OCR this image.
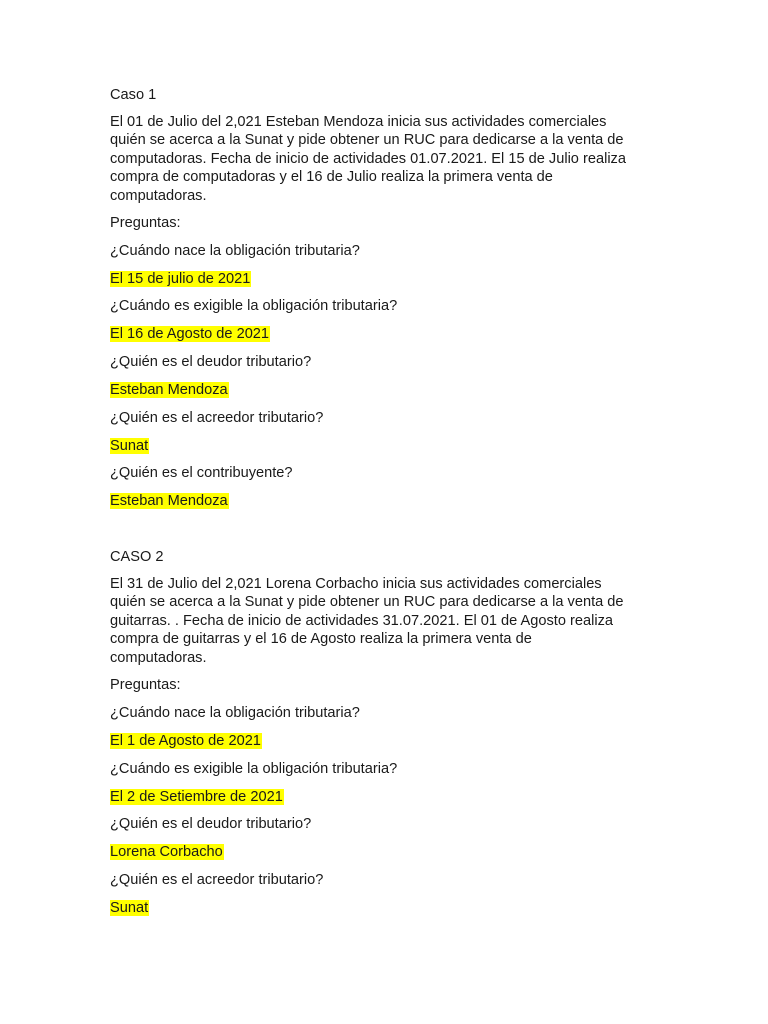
Caso 1
El 01 de Julio del 2,021 Esteban Mendoza inicia sus actividades comerciales
quién se acerca a la Sunat y pide obtener un RUC para dedicarse a la venta de
computadoras. Fecha de inicio de actividades 01.07.2021. El 15 de Julio realiza
compra de computadoras y el 16 de Julio realiza la primera venta de
computadoras.
Preguntas:
¿Cuándo nace la obligación tributaria?
El 15 de julio de 2021
¿Cuándo es exigible la obligación tributaria?
El 16 de Agosto de 2021
¿Quién es el deudor tributario?
Esteban Mendoza
¿Quién es el acreedor tributario?
Sunat
¿Quién es el contribuyente?
Esteban Mendoza
CASO 2
El 31 de Julio del 2,021 Lorena Corbacho inicia sus actividades comerciales
quién se acerca a la Sunat y pide obtener un RUC para dedicarse a la venta de
guitarras. . Fecha de inicio de actividades 31.07.2021. El 01 de Agosto realiza
compra de guitarras y el 16 de Agosto realiza la primera venta de
computadoras.
Preguntas:
¿Cuándo nace la obligación tributaria?
El 1 de Agosto de 2021
¿Cuándo es exigible la obligación tributaria?
El 2 de Setiembre de 2021
¿Quién es el deudor tributario?
Lorena Corbacho
¿Quién es el acreedor tributario?
Sunat
